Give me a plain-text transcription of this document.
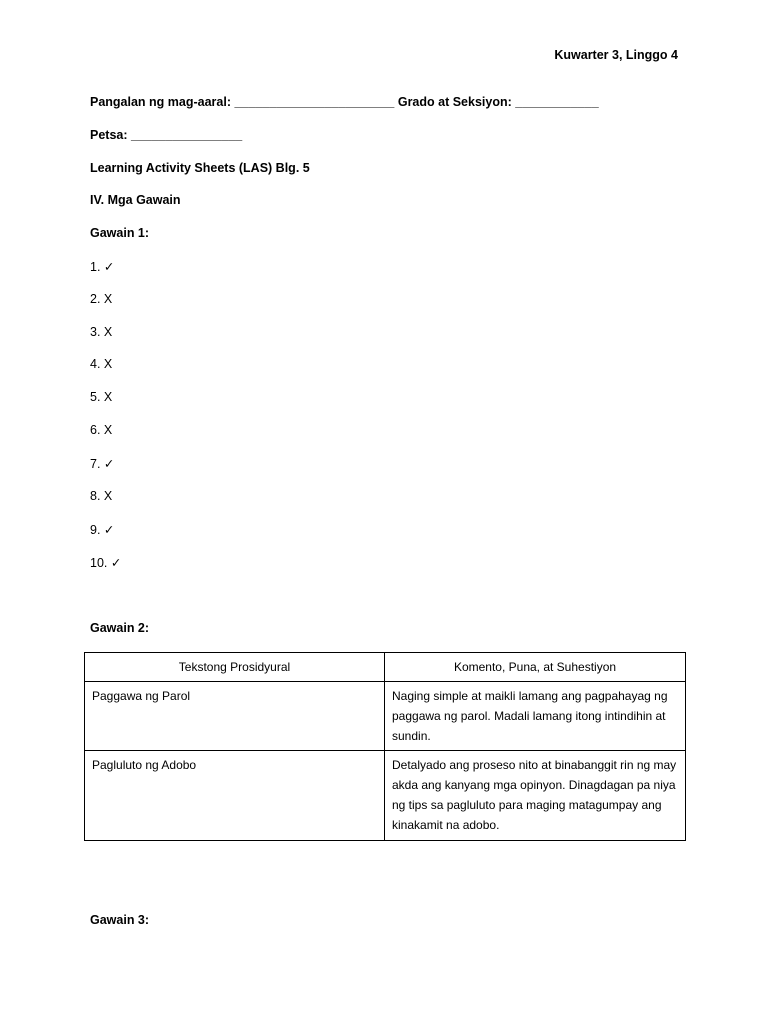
Kuwarter 3, Linggo 4
Pangalan ng mag-aaral: _______________________ Grado at Seksiyon: ____________
Petsa: ________________
Learning Activity Sheets (LAS) Blg. 5
IV. Mga Gawain
Gawain 1:
1. ✓
2. X
3. X
4. X
5. X
6. X
7. ✓
8. X
9. ✓
10. ✓
Gawain 2:
Tekstong Prosidyural	Komento, Puna, at Suhestiyon
Paggawa ng Parol	Naging simple at maikli lamang ang pagpahayag ng paggawa ng parol. Madali lamang itong intindihin at sundin.
Pagluluto ng Adobo	Detalyado ang proseso nito at binabanggit rin ng may akda ang kanyang mga opinyon. Dinagdagan pa niya ng tips sa pagluluto para maging matagumpay ang kinakamit na adobo.
Gawain 3:
